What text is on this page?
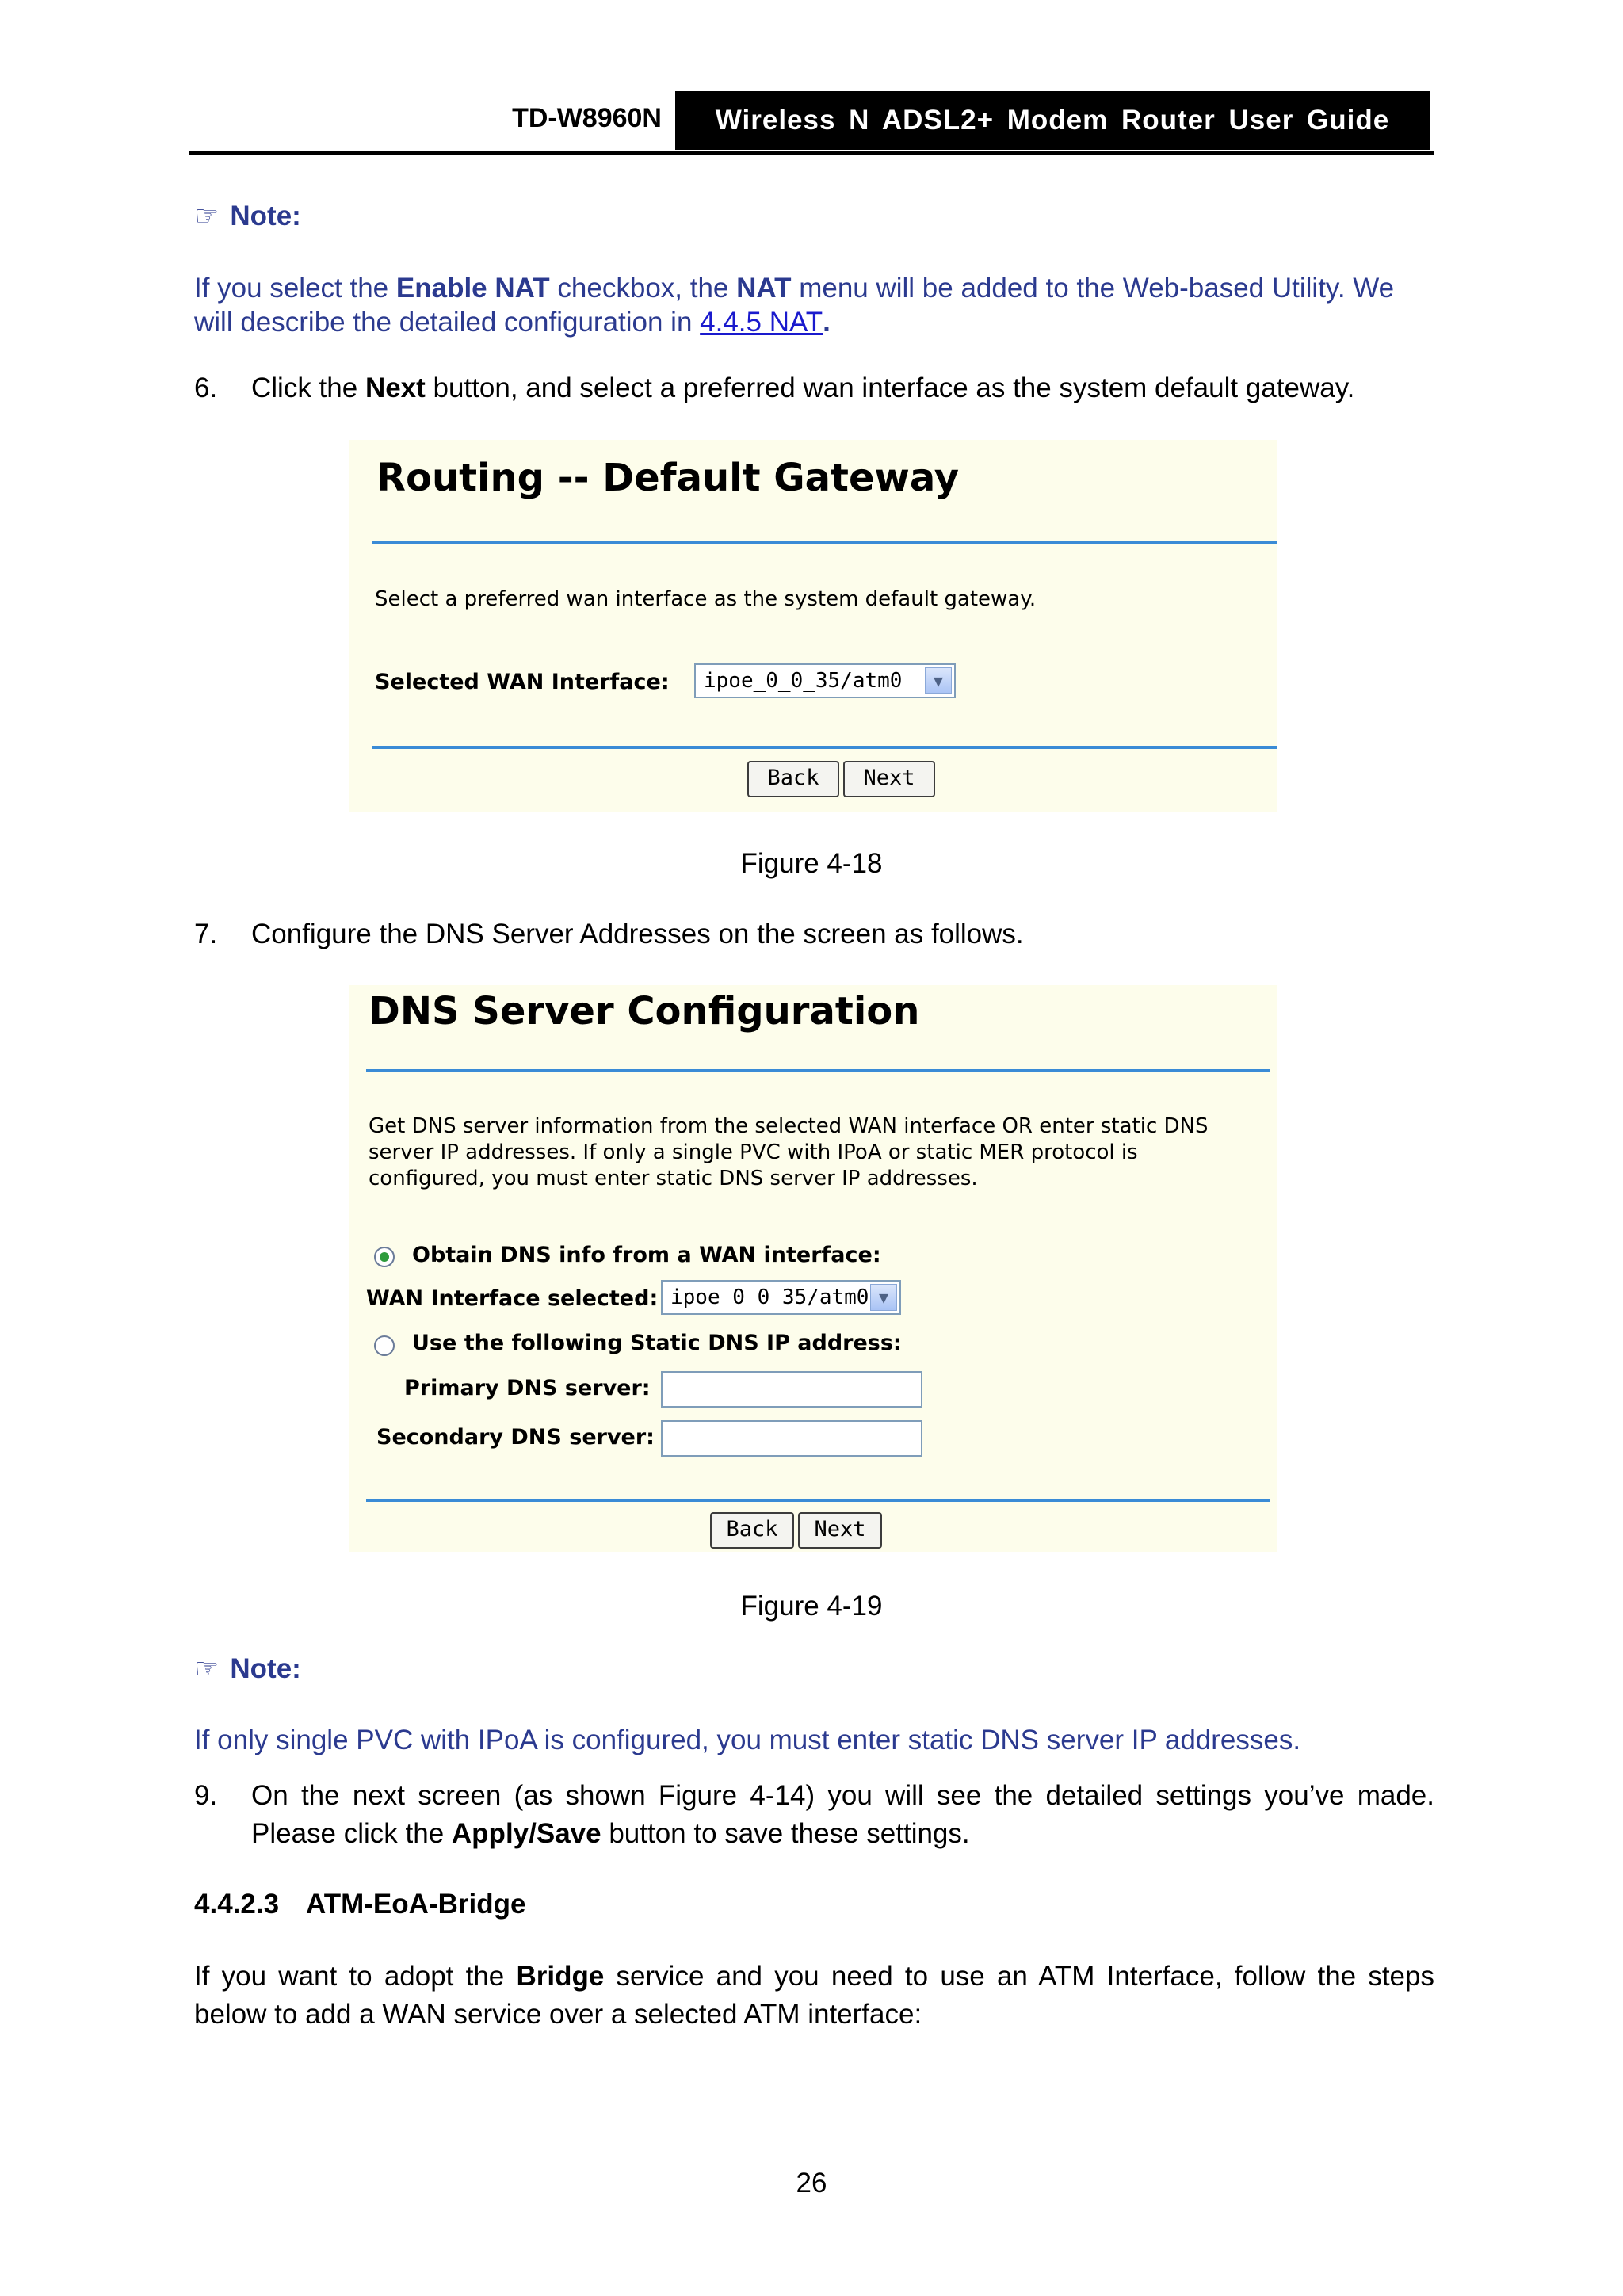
TD-W8960N	Wireless N ADSL2+ Modem Router User Guide
☞ Note:
If you select the Enable NAT checkbox, the NAT menu will be added to the Web-based Utility. We will describe the detailed configuration in 4.4.5 NAT.
6. Click the Next button, and select a preferred wan interface as the system default gateway.
Routing -- Default Gateway
Select a preferred wan interface as the system default gateway.
Selected WAN Interface:	ipoe_0_0_35/atm0	▼
Back	Next
Figure 4-18
7. Configure the DNS Server Addresses on the screen as follows.
DNS Server Configuration
Get DNS server information from the selected WAN interface OR enter static DNS server IP addresses. If only a single PVC with IPoA or static MER protocol is configured, you must enter static DNS server IP addresses.
Obtain DNS info from a WAN interface:
WAN Interface selected: ipoe_0_0_35/atm0 ▼
Use the following Static DNS IP address:
Primary DNS server:
Secondary DNS server:
Back	Next
Figure 4-19
☞ Note:
If only single PVC with IPoA is configured, you must enter static DNS server IP addresses.
9. On the next screen (as shown Figure 4-14) you will see the detailed settings you’ve made. Please click the Apply/Save button to save these settings.
4.4.2.3 ATM-EoA-Bridge
If you want to adopt the Bridge service and you need to use an ATM Interface, follow the steps below to add a WAN service over a selected ATM interface:
26
